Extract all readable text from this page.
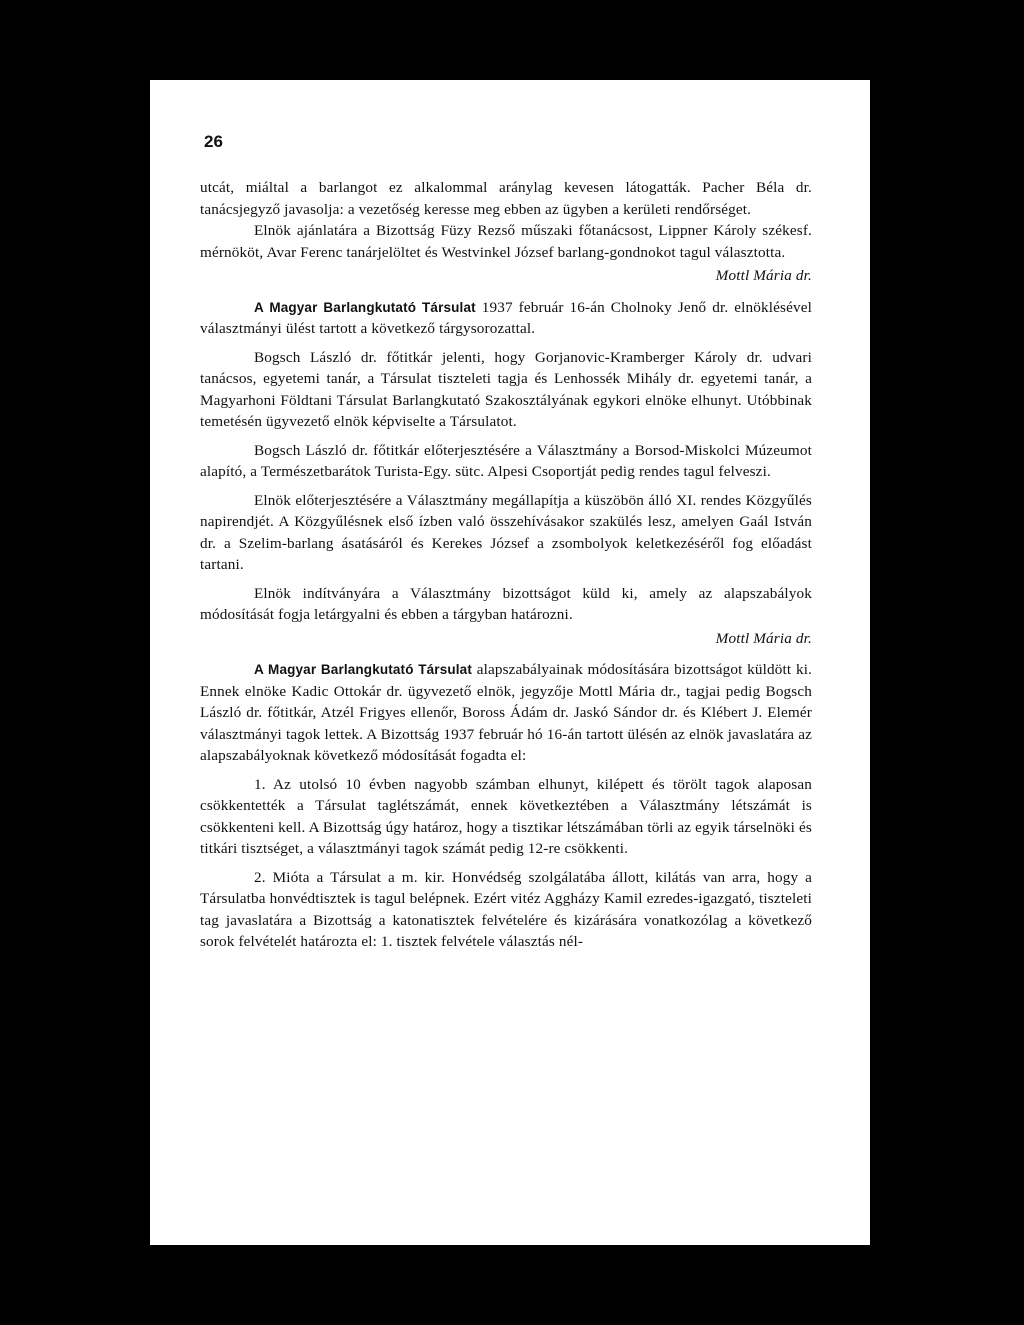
26

utcát, miáltal a barlangot ez alkalommal aránylag kevesen látogatták. Pacher Béla dr. tanácsjegyző javasolja: a vezetőség keresse meg ebben az ügyben a kerületi rendőrséget.

Elnök ajánlatára a Bizottság Füzy Rezső műszaki főtanácsost, Lippner Károly székesf. mérnököt, Avar Ferenc tanárjelöltet és Westvinkel József barlang-gondnokot tagul választotta.

Mottl Mária dr.

A Magyar Barlangkutató Társulat 1937 február 16-án Cholnoky Jenő dr. elnöklésével választmányi ülést tartott a következő tárgysorozattal.

Bogsch László dr. főtitkár jelenti, hogy Gorjanovic-Kramberger Károly dr. udvari tanácsos, egyetemi tanár, a Társulat tiszteleti tagja és Lenhossék Mihály dr. egyetemi tanár, a Magyarhoni Földtani Társulat Barlangkutató Szakosztályának egykori elnöke elhunyt. Utóbbinak temetésén ügyvezető elnök képviselte a Társulatot.

Bogsch László dr. főtitkár előterjesztésére a Választmány a Borsod-Miskolci Múzeumot alapító, a Természetbarátok Turista-Egy. sütc. Alpesi Csoportját pedig rendes tagul felveszi.

Elnök előterjesztésére a Választmány megállapítja a küszöbön álló XI. rendes Közgyűlés napirendjét. A Közgyűlésnek első ízben való összehívásakor szakülés lesz, amelyen Gaál István dr. a Szelim-barlang ásatásáról és Kerekes József a zsombolyok keletkezéséről fog előadást tartani.

Elnök indítványára a Választmány bizottságot küld ki, amely az alapszabályok módosítását fogja letárgyalni és ebben a tárgyban határozni.

Mottl Mária dr.

A Magyar Barlangkutató Társulat alapszabályainak módosítására bizottságot küldött ki. Ennek elnöke Kadic Ottokár dr. ügyvezető elnök, jegyzője Mottl Mária dr., tagjai pedig Bogsch László dr. főtitkár, Atzél Frigyes ellenőr, Boross Ádám dr. Jaskó Sándor dr. és Klébert J. Elemér választmányi tagok lettek. A Bizottság 1937 február hó 16-án tartott ülésén az elnök javaslatára az alapszabályoknak következő módosítását fogadta el:

1. Az utolsó 10 évben nagyobb számban elhunyt, kilépett és törölt tagok alaposan csökkentették a Társulat taglétszámát, ennek következtében a Választmány létszámát is csökkenteni kell. A Bizottság úgy határoz, hogy a tisztikar létszámában törli az egyik társelnöki és titkári tisztséget, a választmányi tagok számát pedig 12-re csökkenti.

2. Mióta a Társulat a m. kir. Honvédség szolgálatába állott, kilátás van arra, hogy a Társulatba honvédtisztek is tagul belépnek. Ezért vitéz Aggházy Kamil ezredes-igazgató, tiszteleti tag javaslatára a Bizottság a katonatisztek felvételére és kizárására vonatkozólag a következő sorok felvételét határozta el: 1. tisztek felvétele választás nél-
